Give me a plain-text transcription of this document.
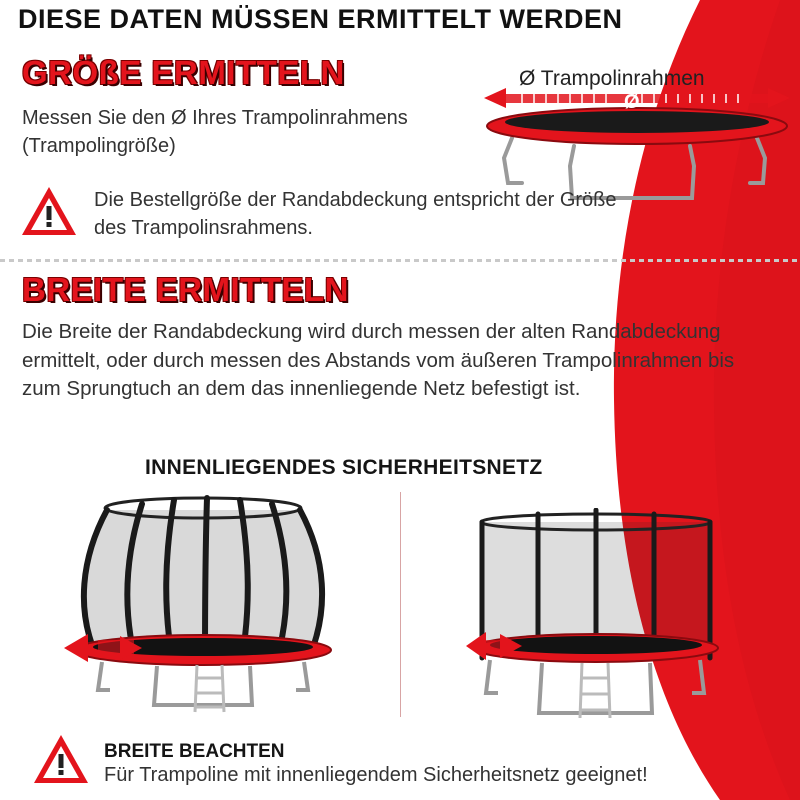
DIESE DATEN MÜSSEN ERMITTELT WERDEN
GRÖßE ERMITTELN
Messen Sie den Ø Ihres Trampolinrahmens (Trampolingröße)
Ø Trampolinrahmen
Ø
Die Bestellgröße der Randabdeckung entspricht der Größe des Trampolinsrahmens.
BREITE ERMITTELN
Die Breite der Randabdeckung wird durch messen der alten Randabdeckung ermittelt, oder durch messen des Abstands vom äußeren Trampolinrahmen bis zum Sprungtuch an dem das innenliegende Netz befestigt ist.
INNENLIEGENDES SICHERHEITSNETZ
BREITE BEACHTEN
Für Trampoline mit innenliegendem Sicherheitsnetz geeignet!
